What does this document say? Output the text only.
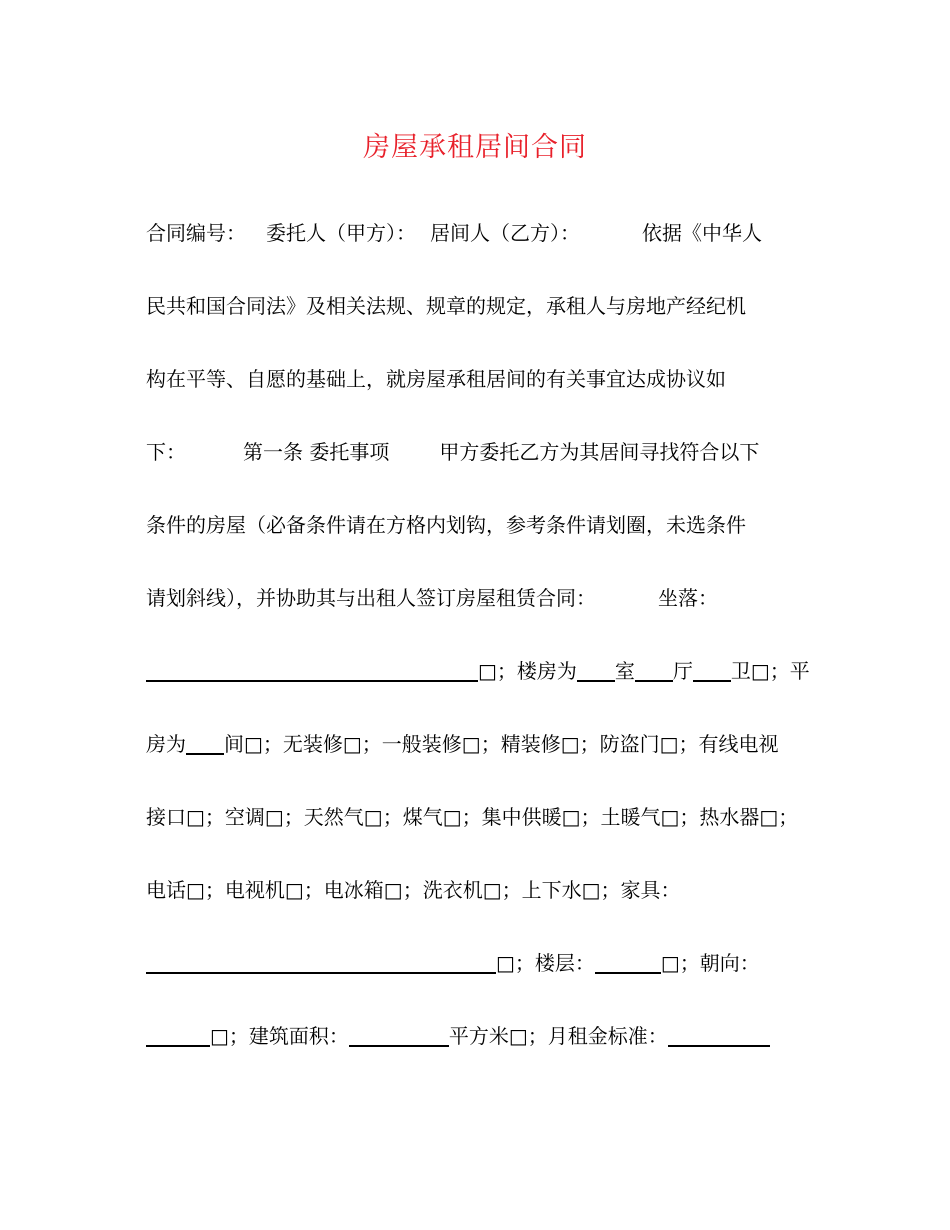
房屋承租居间合同
合同编号： 委托人（甲方）： 居间人（乙方）：	依据《中华人
民共和国合同法》及相关法规、规章的规定，承租人与房地产经纪机
构在平等、自愿的基础上，就房屋承租居间的有关事宜达成协议如
下：	第一条 委托事项	甲方委托乙方为其居间寻找符合以下
条件的房屋（必备条件请在方格内划钩，参考条件请划圈，未选条件
请划斜线），并协助其与出租人签订房屋租赁合同：	坐落：
□；楼房为 室 厅 卫□；平
房为 间□；无装修□；一般装修□；精装修□；防盗门□；有线电视
接口□；空调□；天然气□；煤气□；集中供暖□；土暖气□；热水器□；
电话□；电视机□；电冰箱□；洗衣机□；上下水□；家具：
□；楼层：	□；朝向：
□；建筑面积：	平方米□；月租金标准：
